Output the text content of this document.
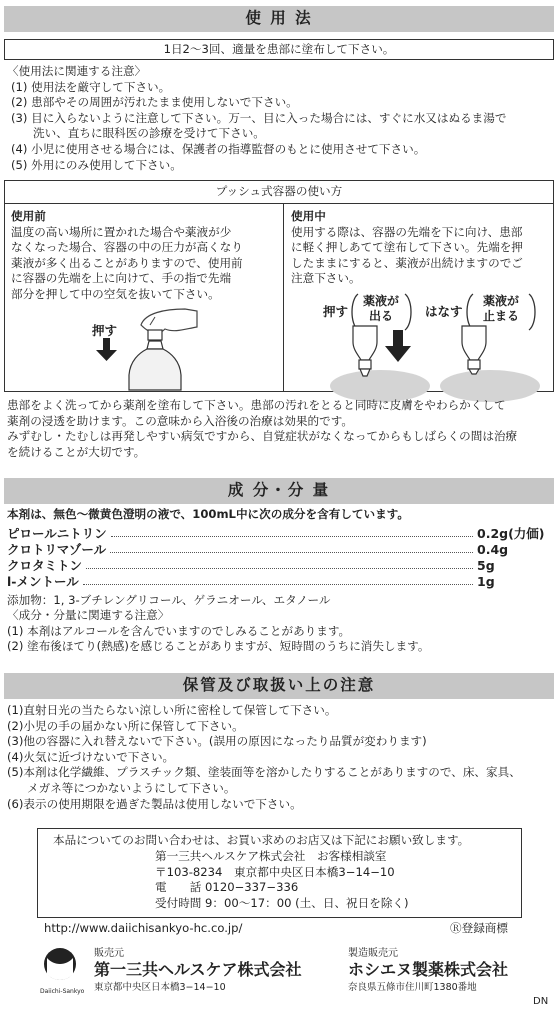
使 用 法
1日2～3回、適量を患部に塗布して下さい。
〈使用法に関連する注意〉
(1) 使用法を厳守して下さい。
(2) 患部やその周囲が汚れたまま使用しないで下さい。
(3) 目に入らないように注意して下さい。万一、目に入った場合には、すぐに水又はぬるま湯で
洗い、直ちに眼科医の診療を受けて下さい。
(4) 小児に使用させる場合には、保護者の指導監督のもとに使用させて下さい。
(5) 外用にのみ使用して下さい。
プッシュ式容器の使い方
使用前
温度の高い場所に置かれた場合や薬液が少
なくなった場合、容器の中の圧力が高くなり
薬液が多く出ることがありますので、使用前
に容器の先端を上に向けて、手の指で先端
部分を押して中の空気を抜いて下さい。
押す
使用中
使用する際は、容器の先端を下に向け、患部
に軽く押しあてて塗布して下さい。先端を押
したままにすると、薬液が出続けますのでご
注意下さい。
押す
薬液が
出る	はなす
薬液が
止まる
患部をよく洗ってから薬剤を塗布して下さい。患部の汚れをとると同時に皮膚をやわらかくして
薬剤の浸透を助けます。この意味から入浴後の治療は効果的です。
みずむし・たむしは再発しやすい病気ですから、自覚症状がなくなってからもしばらくの間は治療
を続けることが大切です。
成 分・分 量
本剤は、無色～微黄色澄明の液で、100mL中に次の成分を含有しています。
ピロールニトリン	0.2g(力価)
クロトリマゾール	0.4g
クロタミトン	5g
l-メントール	1g
添加物：1, 3-ブチレングリコール、ゲラニオール、エタノール
〈成分・分量に関連する注意〉
(1) 本剤はアルコールを含んでいますのでしみることがあります。
(2) 塗布後ほてり(熱感)を感じることがありますが、短時間のうちに消失します。
保管及び取扱い上の注意
(1)直射日光の当たらない涼しい所に密栓して保管して下さい。
(2)小児の手の届かない所に保管して下さい。
(3)他の容器に入れ替えないで下さい。(誤用の原因になったり品質が変わります)
(4)火気に近づけないで下さい。
(5)本剤は化学繊維、プラスチック類、塗装面等を溶かしたりすることがありますので、床、家具、
メガネ等につかないようにして下さい。
(6)表示の使用期限を過ぎた製品は使用しないで下さい。
本品についてのお問い合わせは、お買い求めのお店又は下記にお願い致します。
第一三共ヘルスケア株式会社　お客様相談室
〒103-8234　東京都中央区日本橋3−14−10
電　　話 0120−337−336
受付時間 9：00～17：00 (土、日、祝日を除く)
http://www.daiichisankyo-hc.co.jp/	Ⓡ登録商標
Daiichi-Sankyo
販売元
第一三共ヘルスケア株式会社
東京都中央区日本橋3−14−10
製造販売元
ホシエヌ製薬株式会社
奈良県五條市住川町1380番地
DN
